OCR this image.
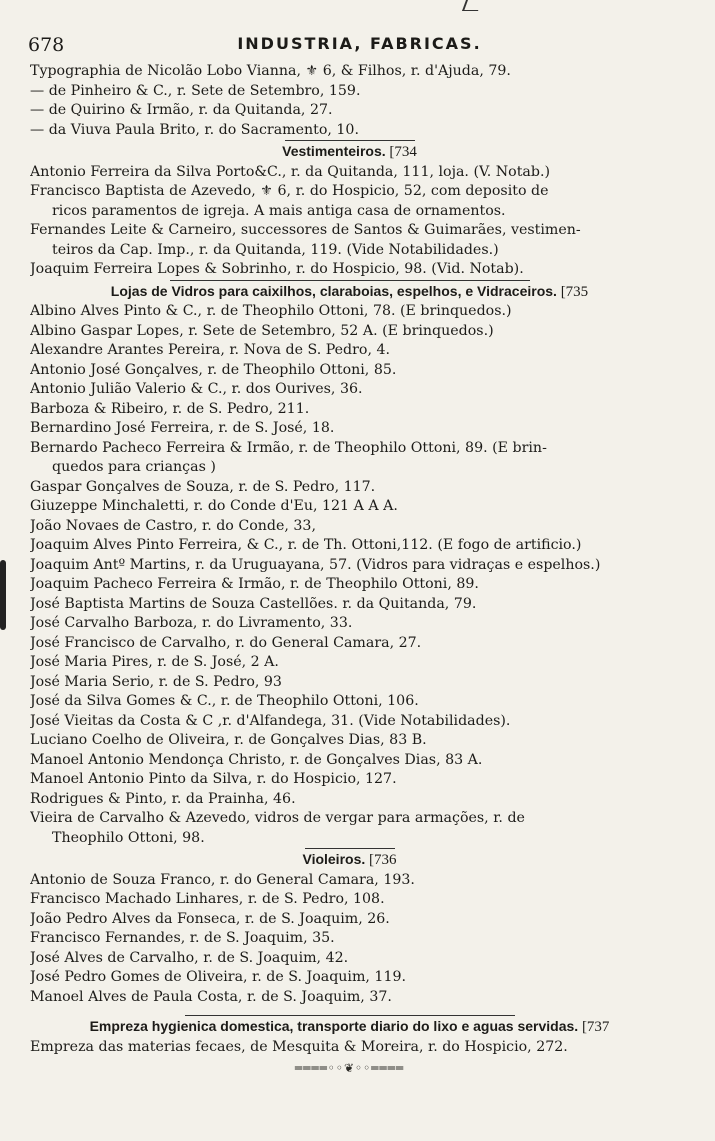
678	INDUSTRIA, FABRICAS.
Typographia de Nicolão Lobo Vianna, ⚜ 6, & Filhos, r. d'Ajuda, 79.
— de Pinheiro & C., r. Sete de Setembro, 159.
— de Quirino & Irmão, r. da Quitanda, 27.
— da Viuva Paula Brito, r. do Sacramento, 10.
Vestimenteiros. [734
Antonio Ferreira da Silva Porto&C., r. da Quitanda, 111, loja. (V. Notab.)
Francisco Baptista de Azevedo, ⚜ 6, r. do Hospicio, 52, com deposito de
ricos paramentos de igreja. A mais antiga casa de ornamentos.
Fernandes Leite & Carneiro, successores de Santos & Guimarães, vestimen-
teiros da Cap. Imp., r. da Quitanda, 119. (Vide Notabilidades.)
Joaquim Ferreira Lopes & Sobrinho, r. do Hospicio, 98. (Vid. Notab).
Lojas de Vidros para caixilhos, claraboias, espelhos, e Vidraceiros. [735
Albino Alves Pinto & C., r. de Theophilo Ottoni, 78. (E brinquedos.)
Albino Gaspar Lopes, r. Sete de Setembro, 52 A. (E brinquedos.)
Alexandre Arantes Pereira, r. Nova de S. Pedro, 4.
Antonio José Gonçalves, r. de Theophilo Ottoni, 85.
Antonio Julião Valerio & C., r. dos Ourives, 36.
Barboza & Ribeiro, r. de S. Pedro, 211.
Bernardino José Ferreira, r. de S. José, 18.
Bernardo Pacheco Ferreira & Irmão, r. de Theophilo Ottoni, 89. (E brin-
quedos para crianças )
Gaspar Gonçalves de Souza, r. de S. Pedro, 117.
Giuzeppe Minchaletti, r. do Conde d'Eu, 121 A A A.
João Novaes de Castro, r. do Conde, 33,
Joaquim Alves Pinto Ferreira, & C., r. de Th. Ottoni,112. (E fogo de artificio.)
Joaquim Antº Martins, r. da Uruguayana, 57. (Vidros para vidraças e espelhos.)
Joaquim Pacheco Ferreira & Irmão, r. de Theophilo Ottoni, 89.
José Baptista Martins de Souza Castellões. r. da Quitanda, 79.
José Carvalho Barboza, r. do Livramento, 33.
José Francisco de Carvalho, r. do General Camara, 27.
José Maria Pires, r. de S. José, 2 A.
José Maria Serio, r. de S. Pedro, 93
José da Silva Gomes & C., r. de Theophilo Ottoni, 106.
José Vieitas da Costa & C ,r. d'Alfandega, 31. (Vide Notabilidades).
Luciano Coelho de Oliveira, r. de Gonçalves Dias, 83 B.
Manoel Antonio Mendonça Christo, r. de Gonçalves Dias, 83 A.
Manoel Antonio Pinto da Silva, r. do Hospicio, 127.
Rodrigues & Pinto, r. da Prainha, 46.
Vieira de Carvalho & Azevedo, vidros de vergar para armações, r. de
Theophilo Ottoni, 98.
Violeiros. [736
Antonio de Souza Franco, r. do General Camara, 193.
Francisco Machado Linhares, r. de S. Pedro, 108.
João Pedro Alves da Fonseca, r. de S. Joaquim, 26.
Francisco Fernandes, r. de S. Joaquim, 35.
José Alves de Carvalho, r. de S. Joaquim, 42.
José Pedro Gomes de Oliveira, r. de S. Joaquim, 119.
Manoel Alves de Paula Costa, r. de S. Joaquim, 37.
Empreza hygienica domestica, transporte diario do lixo e aguas servidas. [737
Empreza das materias fecaes, de Mesquita & Moreira, r. do Hospicio, 272.
════◦◦❦◦◦════
